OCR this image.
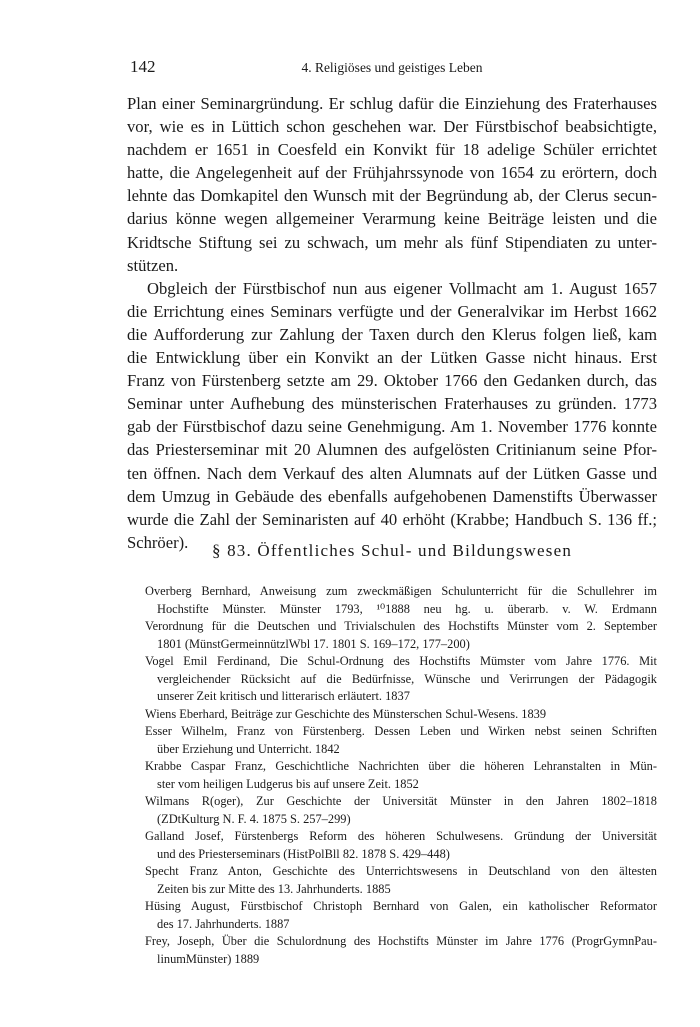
142	4. Religiöses und geistiges Leben
Plan einer Seminargründung. Er schlug dafür die Einziehung des Fraterhauses
vor, wie es in Lüttich schon geschehen war. Der Fürstbischof beabsichtigte,
nachdem er 1651 in Coesfeld ein Konvikt für 18 adelige Schüler errichtet
hatte, die Angelegenheit auf der Frühjahrssynode von 1654 zu erörtern, doch
lehnte das Domkapitel den Wunsch mit der Begründung ab, der Clerus secun-
darius könne wegen allgemeiner Verarmung keine Beiträge leisten und die
Kridtsche Stiftung sei zu schwach, um mehr als fünf Stipendiaten zu unter-
stützen.
Obgleich der Fürstbischof nun aus eigener Vollmacht am 1. August 1657
die Errichtung eines Seminars verfügte und der Generalvikar im Herbst 1662
die Aufforderung zur Zahlung der Taxen durch den Klerus folgen ließ, kam
die Entwicklung über ein Konvikt an der Lütken Gasse nicht hinaus. Erst
Franz von Fürstenberg setzte am 29. Oktober 1766 den Gedanken durch, das
Seminar unter Aufhebung des münsterischen Fraterhauses zu gründen. 1773
gab der Fürstbischof dazu seine Genehmigung. Am 1. November 1776 konnte
das Priesterseminar mit 20 Alumnen des aufgelösten Critinianum seine Pfor-
ten öffnen. Nach dem Verkauf des alten Alumnats auf der Lütken Gasse und
dem Umzug in Gebäude des ebenfalls aufgehobenen Damenstifts Überwasser
wurde die Zahl der Seminaristen auf 40 erhöht (Krabbe; Handbuch S. 136 ff.;
Schröer).	§ 83. Öffentliches Schul- und Bildungswesen
Overberg Bernhard, Anweisung zum zweckmäßigen Schulunterricht für die Schullehrer im
Hochstifte Münster. Münster 1793, ¹⁰1888 neu hg. u. überarb. v. W. Erdmann
Verordnung für die Deutschen und Trivialschulen des Hochstifts Münster vom 2. September
1801 (MünstGermeinnützlWbl 17. 1801 S. 169–172, 177–200)
Vogel Emil Ferdinand, Die Schul-Ordnung des Hochstifts Mümster vom Jahre 1776. Mit
vergleichender Rücksicht auf die Bedürfnisse, Wünsche und Verirrungen der Pädagogik
unserer Zeit kritisch und litterarisch erläutert. 1837
Wiens Eberhard, Beiträge zur Geschichte des Münsterschen Schul-Wesens. 1839
Esser Wilhelm, Franz von Fürstenberg. Dessen Leben und Wirken nebst seinen Schriften
über Erziehung und Unterricht. 1842
Krabbe Caspar Franz, Geschichtliche Nachrichten über die höheren Lehranstalten in Mün-
ster vom heiligen Ludgerus bis auf unsere Zeit. 1852
Wilmans R(oger), Zur Geschichte der Universität Münster in den Jahren 1802–1818
(ZDtKulturg N. F. 4. 1875 S. 257–299)
Galland Josef, Fürstenbergs Reform des höheren Schulwesens. Gründung der Universität
und des Priesterseminars (HistPolBll 82. 1878 S. 429–448)
Specht Franz Anton, Geschichte des Unterrichtswesens in Deutschland von den ältesten
Zeiten bis zur Mitte des 13. Jahrhunderts. 1885
Hüsing August, Fürstbischof Christoph Bernhard von Galen, ein katholischer Reformator
des 17. Jahrhunderts. 1887
Frey, Joseph, Über die Schulordnung des Hochstifts Münster im Jahre 1776 (ProgrGymnPau-
linumMünster) 1889
